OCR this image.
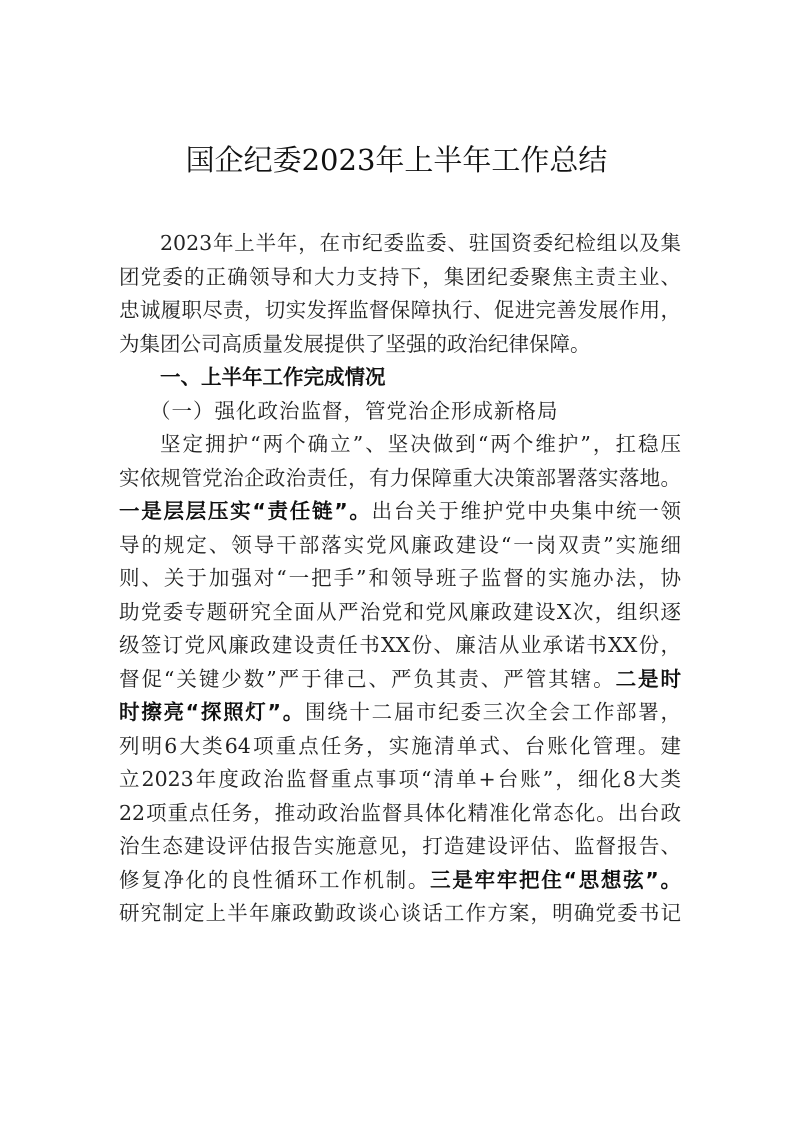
国企纪委2023年上半年工作总结
2023年上半年，在市纪委监委、驻国资委纪检组以及集
团党委的正确领导和大力支持下，集团纪委聚焦主责主业、
忠诚履职尽责，切实发挥监督保障执行、促进完善发展作用，
为集团公司高质量发展提供了坚强的政治纪律保障。
一、上半年工作完成情况
（一）强化政治监督，管党治企形成新格局
坚定拥护“两个确立”、坚决做到“两个维护”，扛稳压
实依规管党治企政治责任，有力保障重大决策部署落实落地。
一是层层压实“责任链”。出台关于维护党中央集中统一领
导的规定、领导干部落实党风廉政建设“一岗双责”实施细
则、关于加强对“一把手”和领导班子监督的实施办法，协
助党委专题研究全面从严治党和党风廉政建设X次，组织逐
级签订党风廉政建设责任书XX份、廉洁从业承诺书XX份，
督促“关键少数”严于律己、严负其责、严管其辖。二是时
时擦亮“探照灯”。围绕十二届市纪委三次全会工作部署，
列明6大类64项重点任务，实施清单式、台账化管理。建
立2023年度政治监督重点事项“清单+台账”，细化8大类
22项重点任务，推动政治监督具体化精准化常态化。出台政
治生态建设评估报告实施意见，打造建设评估、监督报告、
修复净化的良性循环工作机制。三是牢牢把住“思想弦”。
研究制定上半年廉政勤政谈心谈话工作方案，明确党委书记
